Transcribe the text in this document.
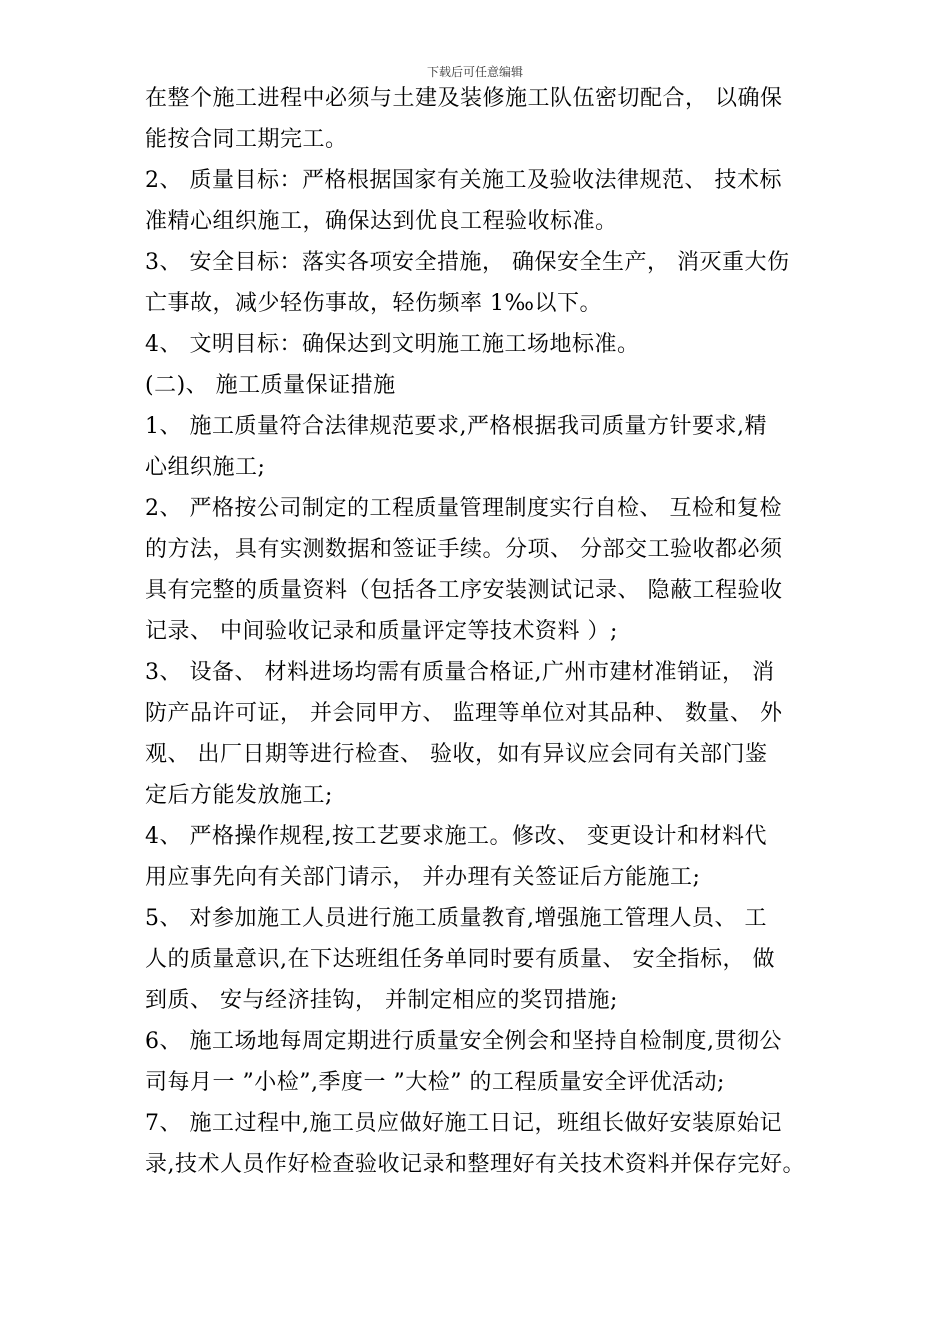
下载后可任意编辑
在整个施工进程中必须与土建及装修施工队伍密切配合， 以确保
能按合同工期完工。
2、 质量目标：严格根据国家有关施工及验收法律规范、 技术标
准精心组织施工，确保达到优良工程验收标准。
3、 安全目标：落实各项安全措施， 确保安全生产， 消灭重大伤
亡事故，减少轻伤事故，轻伤频率 1‰以下。
4、 文明目标：确保达到文明施工施工场地标准。
(二)、 施工质量保证措施
1、 施工质量符合法律规范要求,严格根据我司质量方针要求,精
心组织施工;
2、 严格按公司制定的工程质量管理制度实行自检、 互检和复检
的方法，具有实测数据和签证手续。分项、 分部交工验收都必须
具有完整的质量资料（包括各工序安装测试记录、 隐蔽工程验收
记录、 中间验收记录和质量评定等技术资料 ）;
3、 设备、 材料进场均需有质量合格证,广州市建材准销证， 消
防产品许可证， 并会同甲方、 监理等单位对其品种、 数量、 外
观、 出厂日期等进行检查、 验收，如有异议应会同有关部门鉴
定后方能发放施工;
4、 严格操作规程,按工艺要求施工。修改、 变更设计和材料代
用应事先向有关部门请示， 并办理有关签证后方能施工;
5、 对参加施工人员进行施工质量教育,增强施工管理人员、 工
人的质量意识,在下达班组任务单同时要有质量、 安全指标， 做
到质、 安与经济挂钩， 并制定相应的奖罚措施;
6、 施工场地每周定期进行质量安全例会和坚持自检制度,贯彻公
司每月一 ”小检”,季度一 ”大检” 的工程质量安全评优活动;
7、 施工过程中,施工员应做好施工日记，班组长做好安装原始记
录,技术人员作好检查验收记录和整理好有关技术资料并保存完好。
